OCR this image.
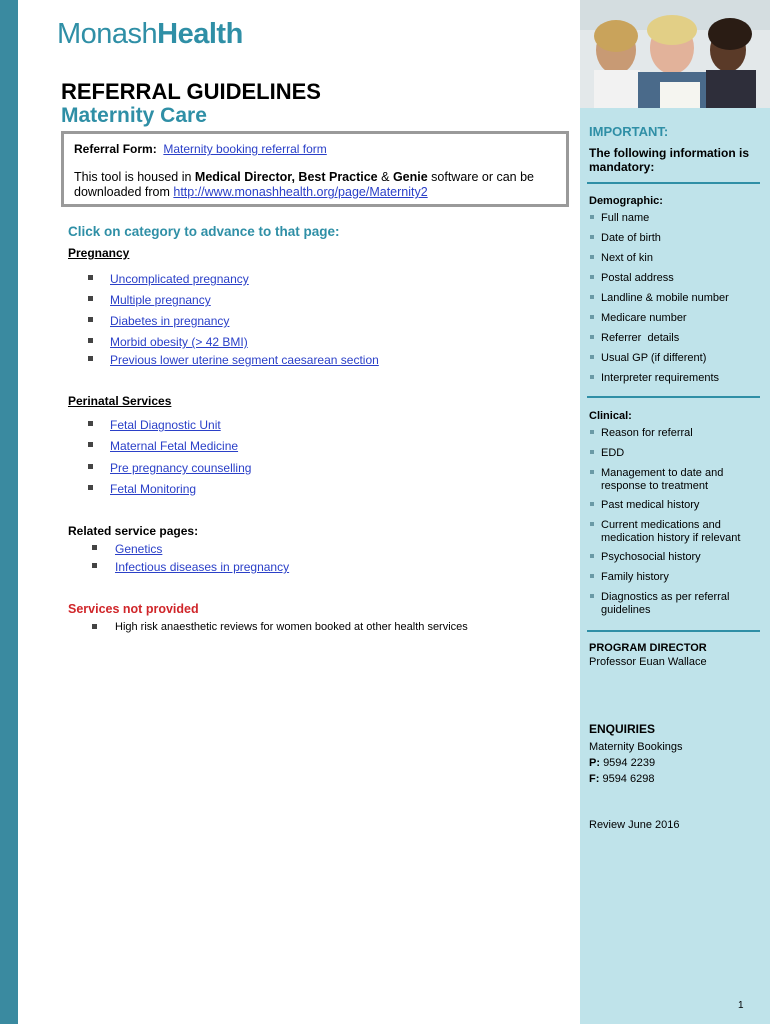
MonashHealth
REFERRAL GUIDELINES
Maternity Care
Referral Form: Maternity booking referral form
This tool is housed in Medical Director, Best Practice & Genie software or can be downloaded from http://www.monashhealth.org/page/Maternity2
Click on category to advance to that page:
Pregnancy
Uncomplicated pregnancy
Multiple pregnancy
Diabetes in pregnancy
Morbid obesity (> 42 BMI)
Previous lower uterine segment caesarean section
Perinatal Services
Fetal Diagnostic Unit
Maternal Fetal Medicine
Pre pregnancy counselling
Fetal Monitoring
Related service pages:
Genetics
Infectious diseases in pregnancy
Services not provided
High risk anaesthetic reviews for women booked at other health services
IMPORTANT:
The following information is mandatory:
Demographic:
Full name
Date of birth
Next of kin
Postal address
Landline & mobile number
Medicare number
Referrer  details
Usual GP (if different)
Interpreter requirements
Clinical:
Reason for referral
EDD
Management to date and response to treatment
Past medical history
Current medications and medication history if relevant
Psychosocial history
Family history
Diagnostics as per referral guidelines
PROGRAM DIRECTOR
Professor Euan Wallace
ENQUIRIES
Maternity Bookings
P: 9594 2239
F: 9594 6298
Review June 2016
1
